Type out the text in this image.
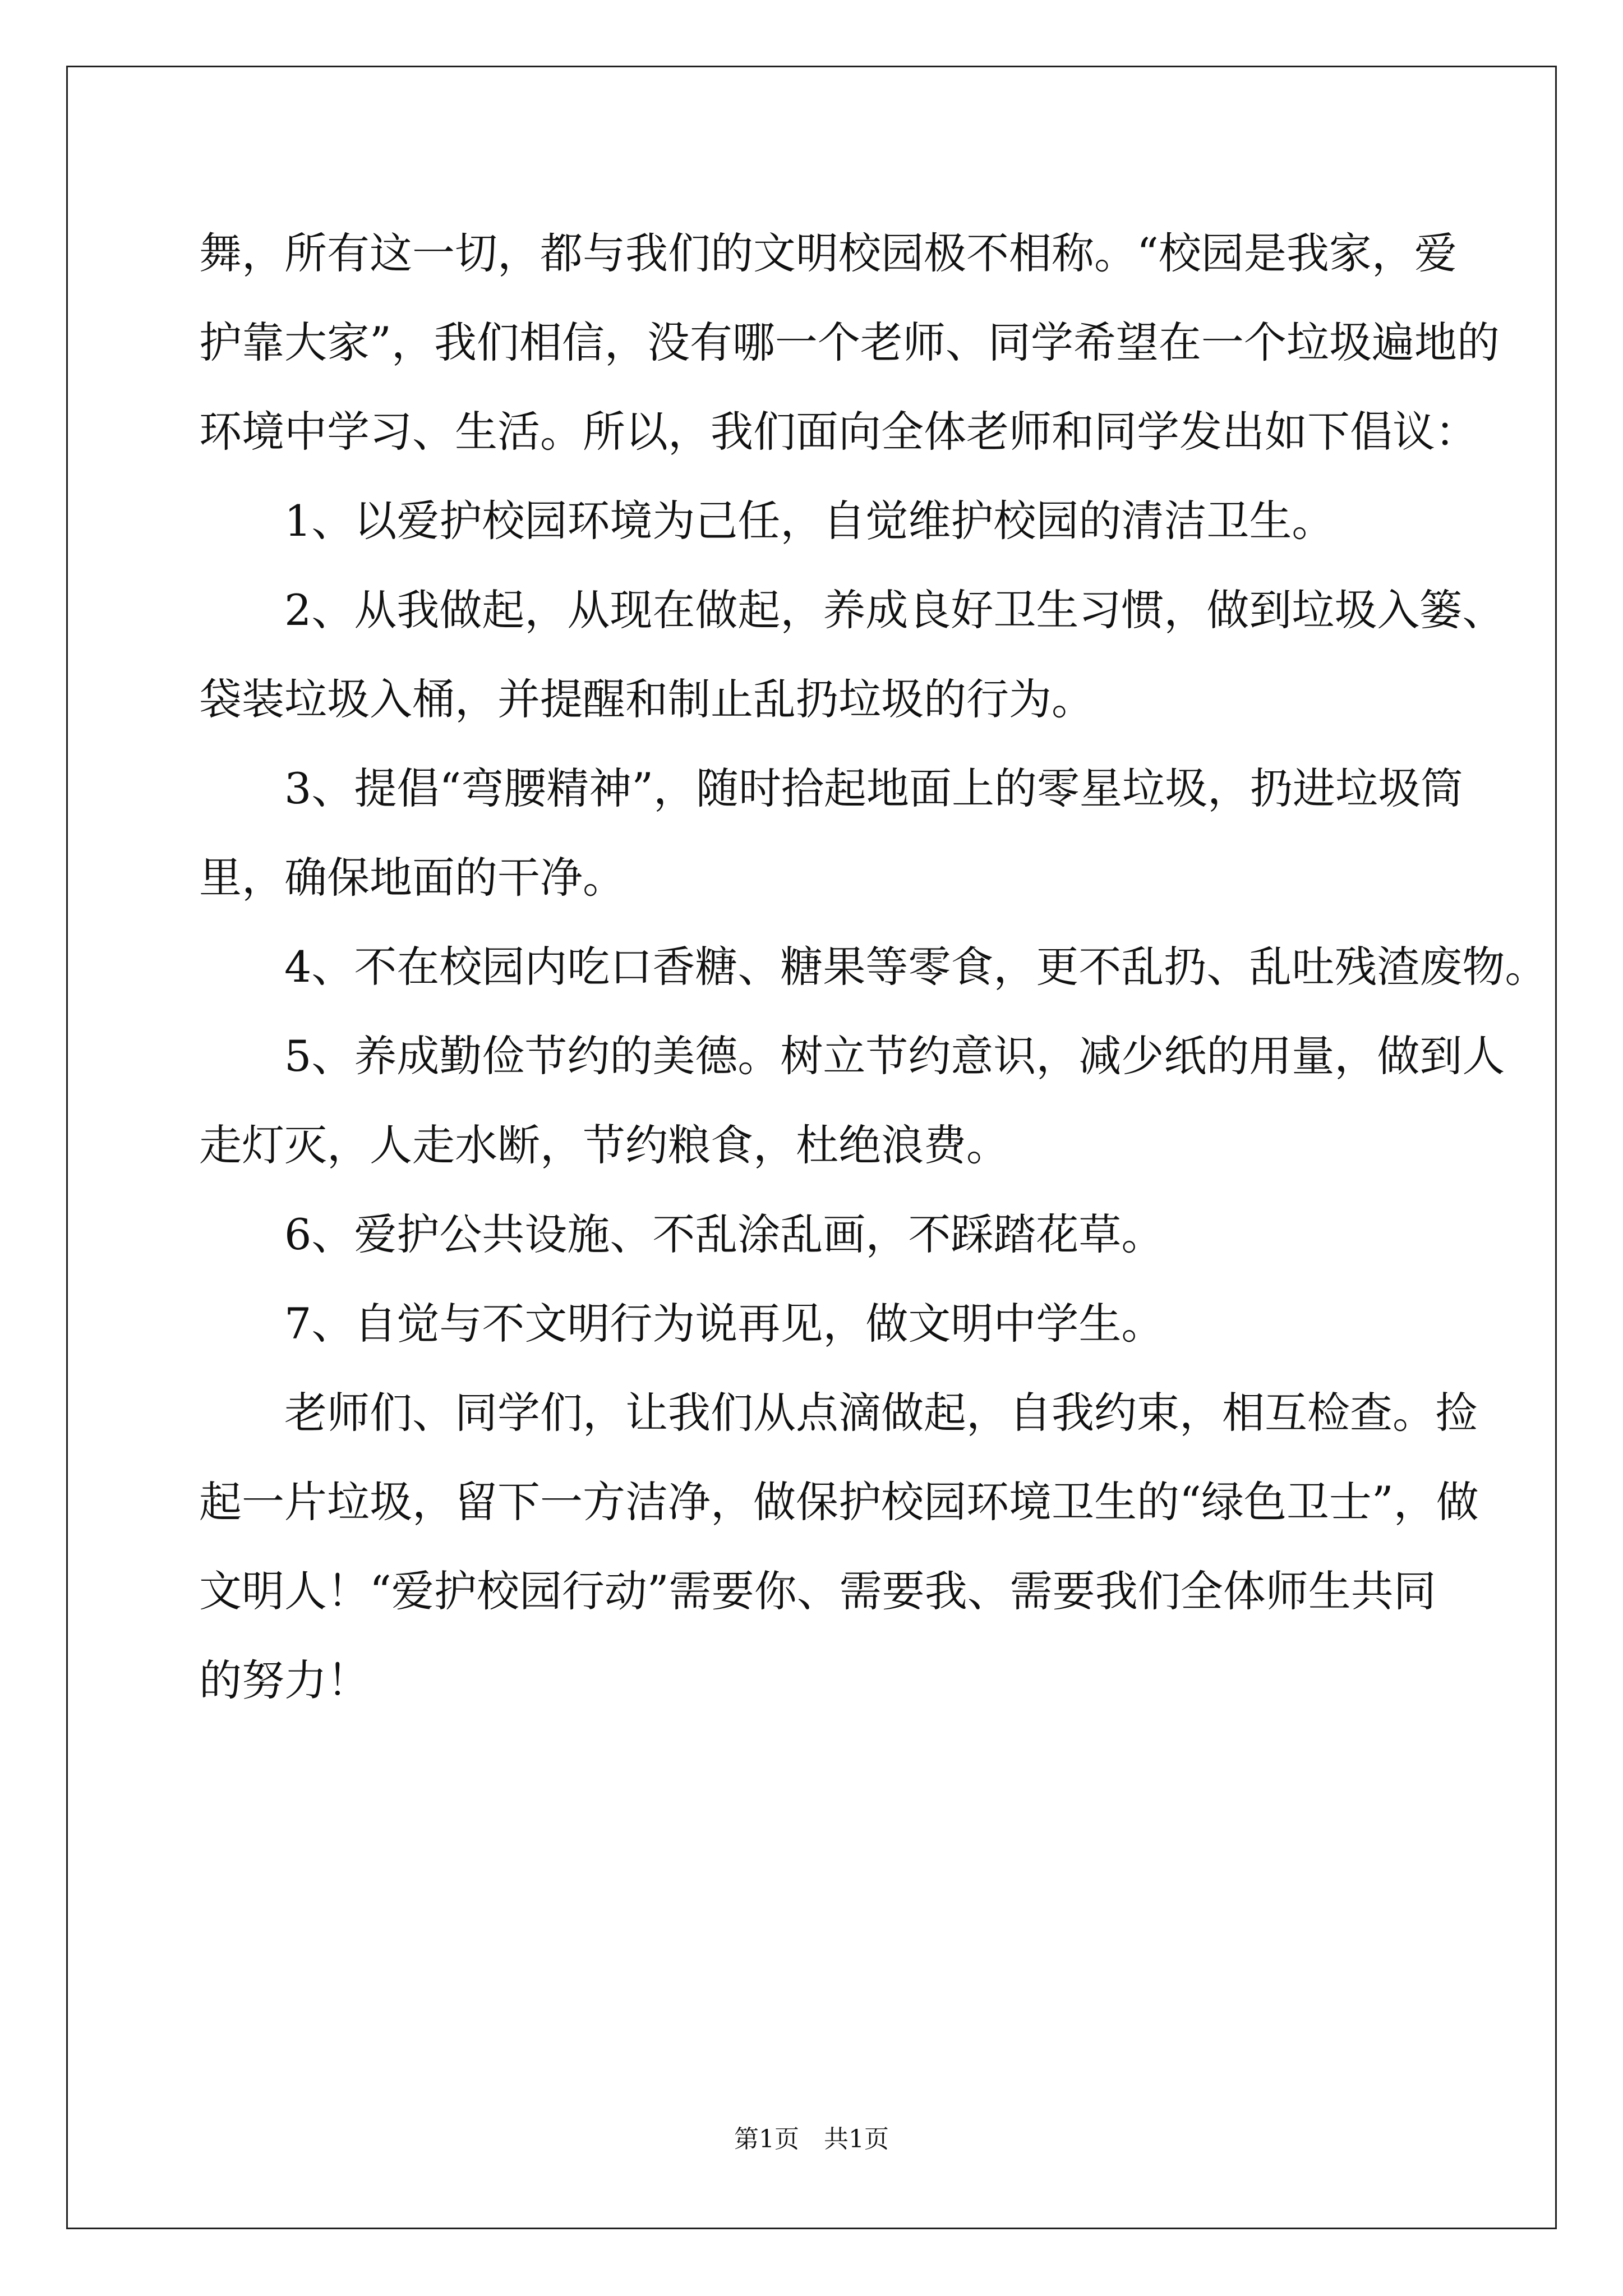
舞，所有这一切，都与我们的文明校园极不相称。“校园是我家，爱
护靠大家”，我们相信，没有哪一个老师、同学希望在一个垃圾遍地的
环境中学习、生活。所以，我们面向全体老师和同学发出如下倡议：
1、以爱护校园环境为己任，自觉维护校园的清洁卫生。
2、从我做起，从现在做起，养成良好卫生习惯，做到垃圾入篓、
袋装垃圾入桶，并提醒和制止乱扔垃圾的行为。
3、提倡“弯腰精神”，随时拾起地面上的零星垃圾，扔进垃圾筒
里，确保地面的干净。
4、不在校园内吃口香糖、糖果等零食，更不乱扔、乱吐残渣废物。
5、养成勤俭节约的美德。树立节约意识，减少纸的用量，做到人
走灯灭，人走水断，节约粮食，杜绝浪费。
6、爱护公共设施、不乱涂乱画，不踩踏花草。
7、自觉与不文明行为说再见，做文明中学生。
老师们、同学们，让我们从点滴做起，自我约束，相互检查。捡
起一片垃圾，留下一方洁净，做保护校园环境卫生的“绿色卫士”，做
文明人！“爱护校园行动”需要你、需要我、需要我们全体师生共同
的努力！
第1页　共1页
